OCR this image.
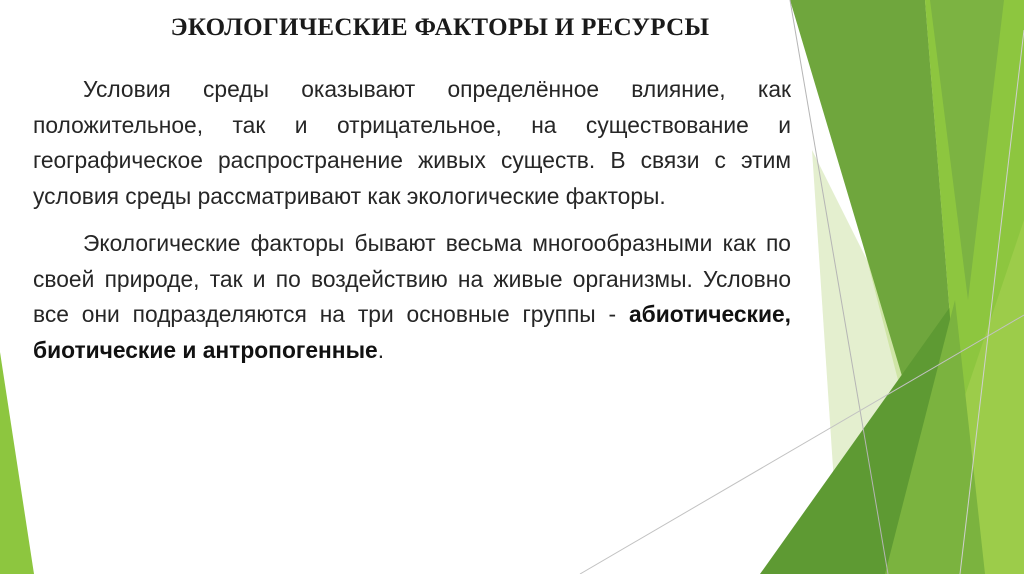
ЭКОЛОГИЧЕСКИЕ ФАКТОРЫ И РЕСУРСЫ

Условия среды оказывают определённое влияние, как положительное, так и отрицательное, на существование и географическое распространение живых существ. В связи с этим условия среды рассматривают как экологические факторы.

Экологические факторы бывают весьма многообразными как по своей природе, так и по воздействию на живые организмы. Условно все они подразделяются на три основные группы - абиотические, биотические и антропогенные.
